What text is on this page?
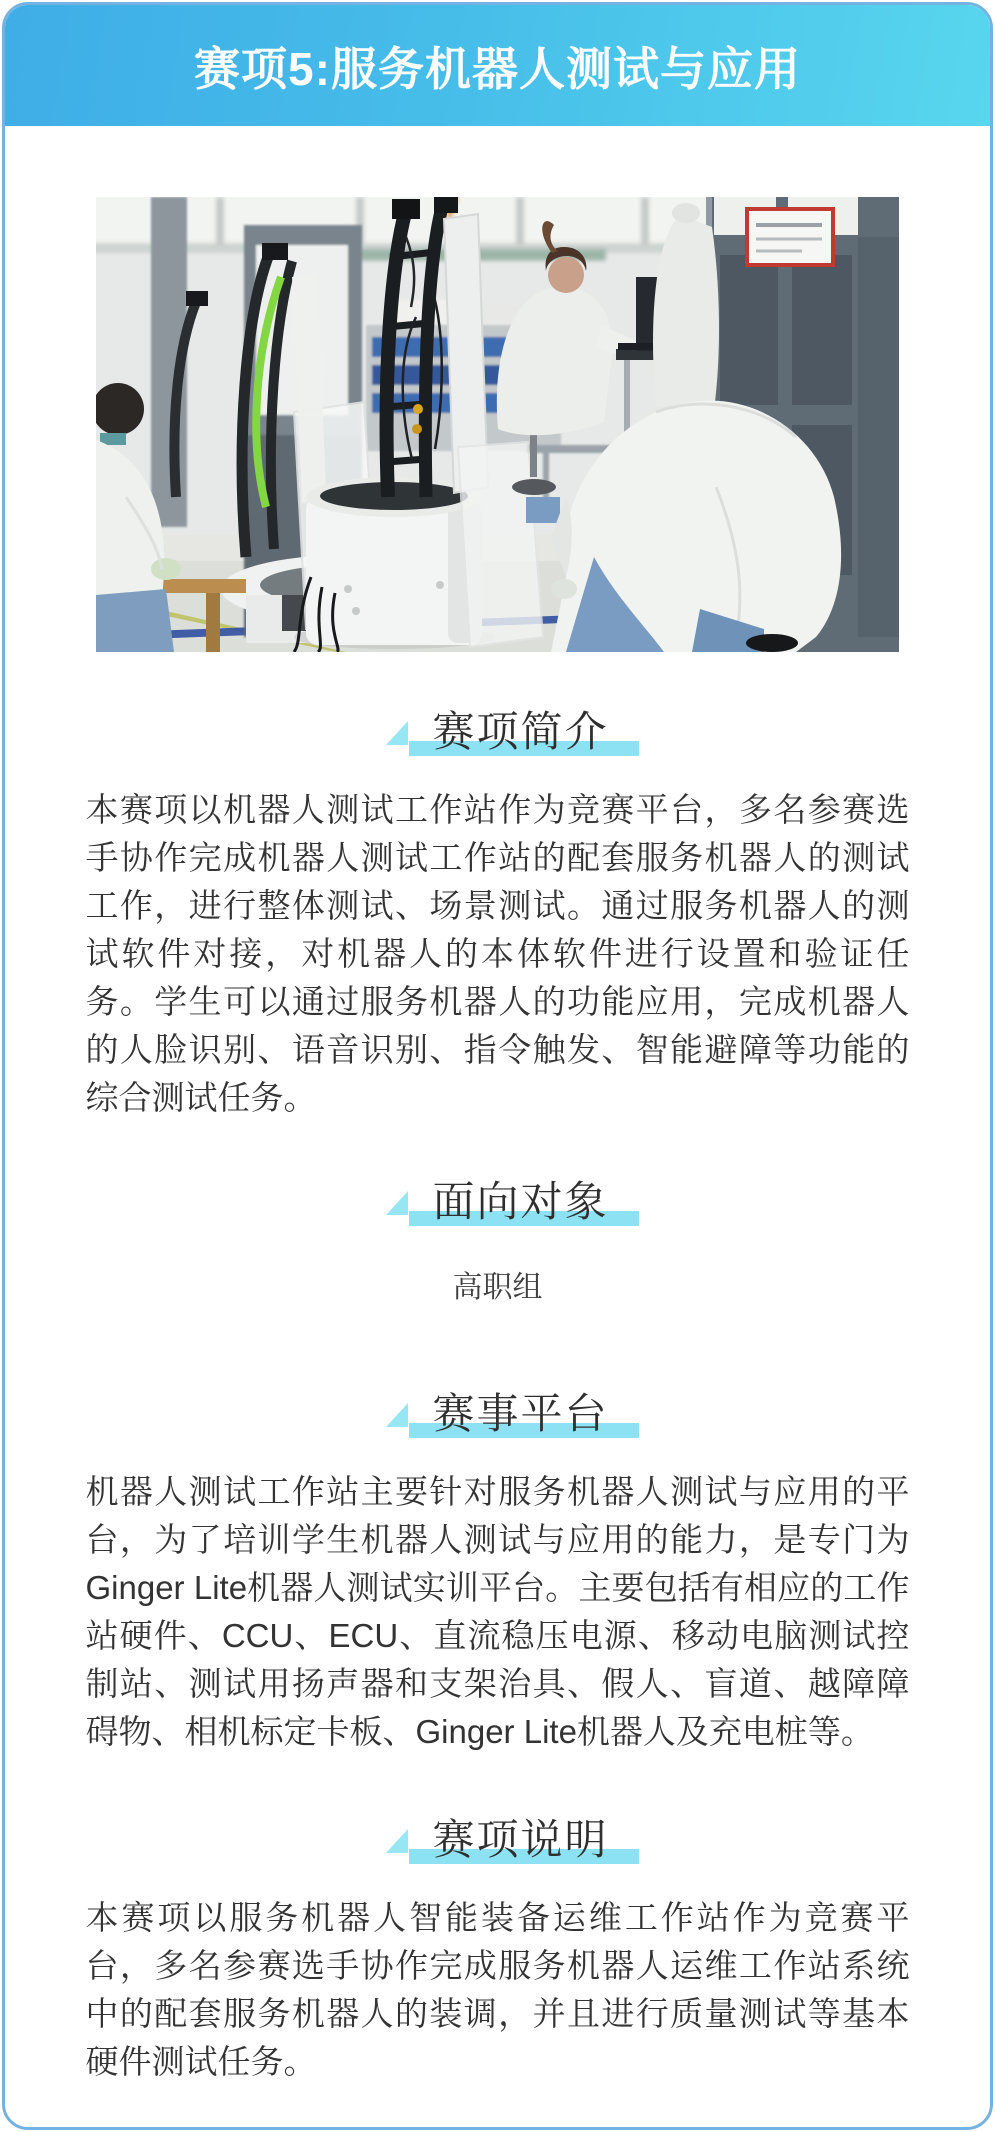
赛项5:服务机器人测试与应用
赛项简介

本赛项以机器人测试工作站作为竞赛平台，多名参赛选手协作完成机器人测试工作站的配套服务机器人的测试工作，进行整体测试、场景测试。通过服务机器人的测试软件对接，对机器人的本体软件进行设置和验证任务。学生可以通过服务机器人的功能应用，完成机器人的人脸识别、语音识别、指令触发、智能避障等功能的综合测试任务。

面向对象

高职组

赛事平台

机器人测试工作站主要针对服务机器人测试与应用的平台，为了培训学生机器人测试与应用的能力，是专门为Ginger Lite机器人测试实训平台。主要包括有相应的工作站硬件、CCU、ECU、直流稳压电源、移动电脑测试控制站、测试用扬声器和支架治具、假人、盲道、越障障碍物、相机标定卡板、Ginger Lite机器人及充电桩等。

赛项说明

本赛项以服务机器人智能装备运维工作站作为竞赛平台，多名参赛选手协作完成服务机器人运维工作站系统中的配套服务机器人的装调，并且进行质量测试等基本硬件测试任务。
